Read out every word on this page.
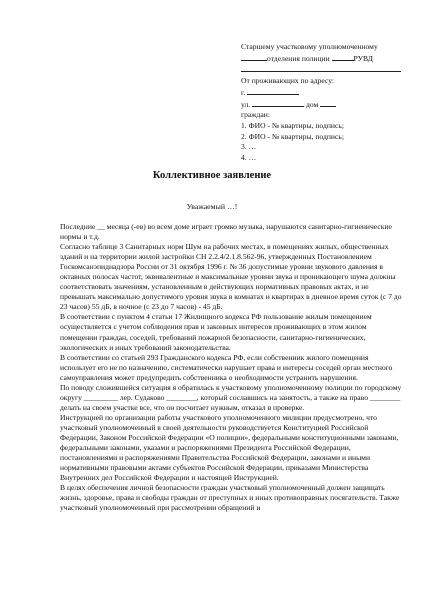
Старшему участковому уполномоченному
отделения полиции	РУВД
От проживающих по адресу:
г.
ул.	дом
граждан:
1. ФИО - № квартиры, подпись;
2. ФИО - № квартиры, подпись;
3. …
4. …
Коллективное заявление
Уважаемый …!

Последние __ месяца (-ев) во всем доме играет громко музыка, нарушаются санитарно-гигиенические нормы и т.д.

Согласно таблице 3 Санитарных норм Шум на рабочих местах, в помещениях жилых, общественных зданий и на территории жилой застройки СН 2.2.4/2.1.8.562-96, утвержденных Постановлением Госкомсанэпиднадзора России от 31 октября 1996 г. № 36 допустимые уровни звукового давления в октавных полосах частот, эквивалентные и максимальные уровни звука и проникающего шума должны соответствовать значениям, установленным в действующих нормативных правовых актах, и не превышать максимально допустимого уровня звука в комнатах и квартирах в дневное время суток (с 7 до 23 часов) 55 дБ, в ночное (с 23 до 7 часов) - 45 дБ.

В соответствии с пунктом 4 статьи 17 Жилищного кодекса РФ пользование жилым помещением осуществляется с учетом соблюдения прав и законных интересов проживающих в этом жилом помещении граждан, соседей, требований пожарной безопасности, санитарно-гигиенических, экологических и иных требований законодательства.

В соответствии со статьей 293 Гражданского кодекса РФ, если собственник жилого помещения использует его не по назначению, систематически нарушает права и интересы соседей орган местного самоуправления может предупредить собственника о необходимости устранить нарушения.

По поводу сложившейся ситуация я обратилась к участковому уполномоченному полиции по городскому округу _________ лер. Судаково ________, который сославшись на занятость, а также на право ________ делать на своем участке все, что он посчитает нужным, отказал в проверке.

Инструкцией по организации работы участкового уполномоченного милиции предусмотрено, что участковый уполномоченный в своей деятельности руководствуется Конституцией Российской Федерации, Законом Российской Федерации «О полиции», федеральными конституционными законами, федеральными законами, указами и распоряжениями Президента Российской Федерации, постановлениями и распоряжениями Правительства Российской Федерации, законами и иными нормативными правовыми актами субъектов Российской Федерации, приказами Министерства Внутренних дел Российской Федерации и настоящей Инструкцией.

В целях обеспечения личной безопасности граждан участковый уполномоченный должен защищать жизнь, здоровье, права и свободы граждан от преступных и иных противоправных посягательств. Также участковый уполномоченный при рассмотрении обращений и
